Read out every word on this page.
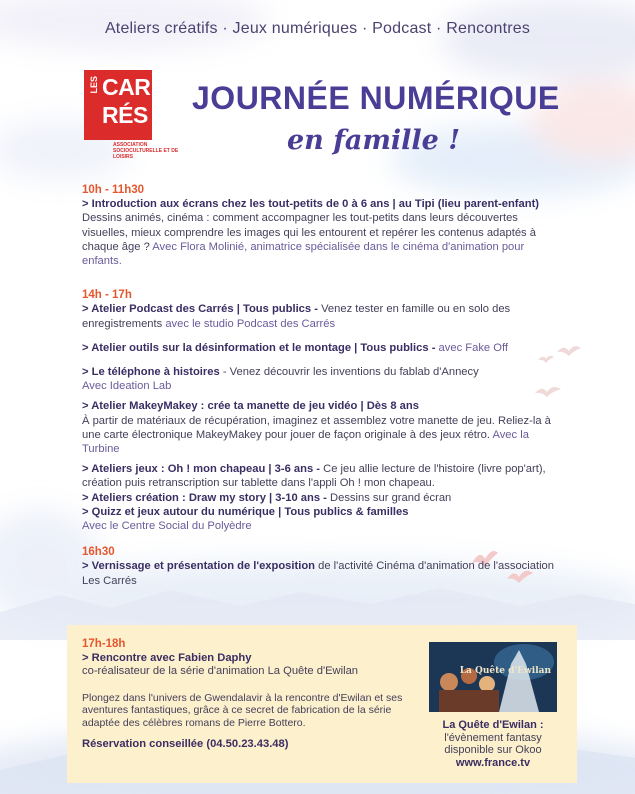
Ateliers créatifs · Jeux numériques · Podcast · Rencontres
LES CAR
RÉS
ASSOCIATION SOCIOCULTURELLE ET DE LOISIRS
JOURNÉE NUMÉRIQUE
en famille !

10h - 11h30

> Introduction aux écrans chez les tout-petits de 0 à 6 ans | au Tipi (lieu parent-enfant)

Dessins animés, cinéma : comment accompagner les tout-petits dans leurs découvertes visuelles, mieux comprendre les images qui les entourent et repérer les contenus adaptés à chaque âge ? Avec Flora Molinié, animatrice spécialisée dans le cinéma d'animation pour enfants.

14h - 17h

> Atelier Podcast des Carrés | Tous publics - Venez tester en famille ou en solo des enregistrements avec le studio Podcast des Carrés

> Atelier outils sur la désinformation et le montage | Tous publics - avec Fake Off

> Le téléphone à histoires - Venez découvrir les inventions du fablab d'Annecy

Avec Ideation Lab

> Atelier MakeyMakey : crée ta manette de jeu vidéo | Dès 8 ans

À partir de matériaux de récupération, imaginez et assemblez votre manette de jeu. Reliez-la à une carte électronique MakeyMakey pour jouer de façon originale à des jeux rétro. Avec la Turbine

> Ateliers jeux : Oh ! mon chapeau | 3-6 ans - Ce jeu allie lecture de l'histoire (livre pop'art), création puis retranscription sur tablette dans l'appli Oh ! mon chapeau.

> Ateliers création : Draw my story | 3-10 ans - Dessins sur grand écran

> Quizz et jeux autour du numérique | Tous publics & familles

Avec le Centre Social du Polyèdre

16h30

> Vernissage et présentation de l'exposition de l'activité Cinéma d'animation de l'association Les Carrés

17h-18h

> Rencontre avec Fabien Daphy

co-réalisateur de la série d'animation La Quête d'Ewilan

Plongez dans l'univers de Gwendalavir à la rencontre d'Ewilan et ses aventures fantastiques, grâce à ce secret de fabrication de la série adaptée des célèbres romans de Pierre Bottero.

Réservation conseillée (04.50.23.43.48)

La Quête d'Ewilan

La Quête d'Ewilan :

l'évènement fantasy disponible sur Okoo

www.france.tv
